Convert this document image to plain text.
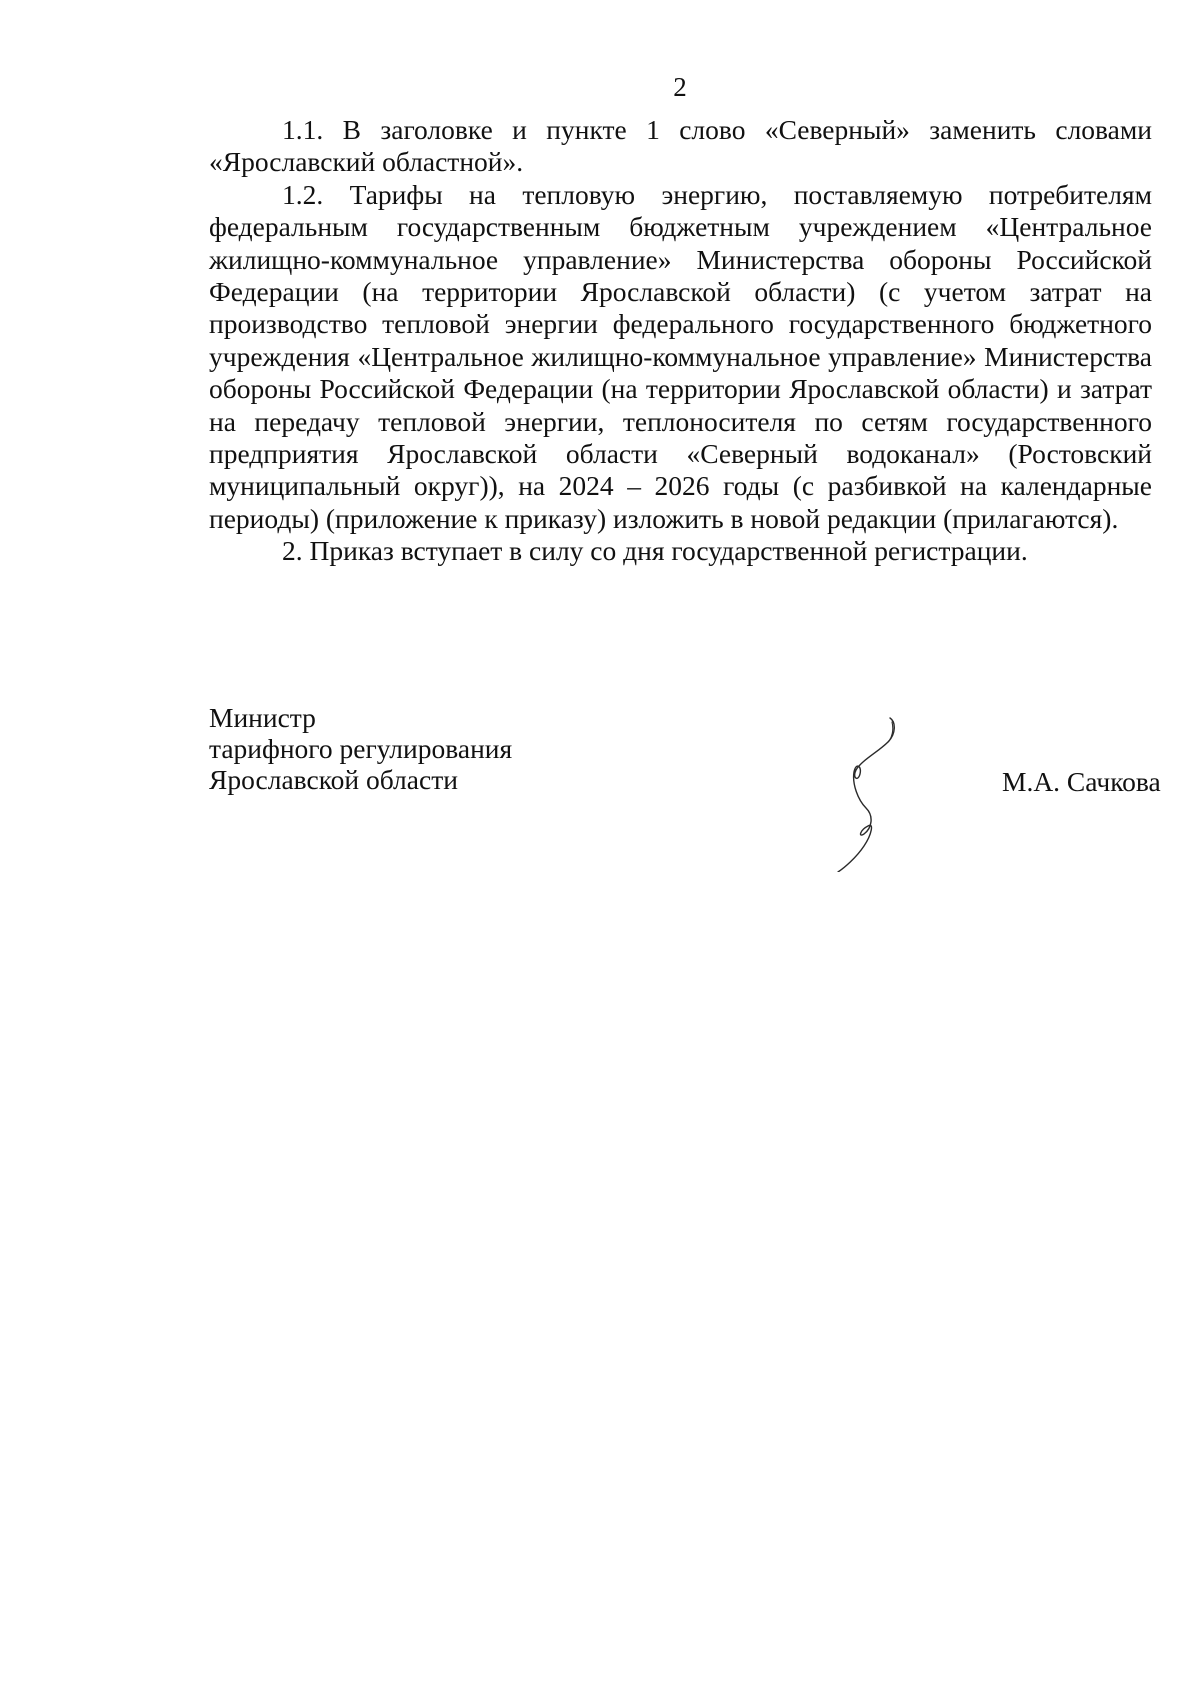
2

1.1. В заголовке и пункте 1 слово «Северный» заменить словами «Ярославский областной».

1.2. Тарифы на тепловую энергию, поставляемую потребителям федеральным государственным бюджетным учреждением «Центральное жилищно-коммунальное управление» Министерства обороны Российской Федерации (на территории Ярославской области) (с учетом затрат на производство тепловой энергии федерального государственного бюджетного учреждения «Центральное жилищно-коммунальное управление» Министерства обороны Российской Федерации (на территории Ярославской области) и затрат на передачу тепловой энергии, теплоносителя по сетям государственного предприятия Ярославской области «Северный водоканал» (Ростовский муниципальный округ)), на 2024 – 2026 годы (с разбивкой на календарные периоды) (приложение к приказу) изложить в новой редакции (прилагаются).

2. Приказ вступает в силу со дня государственной регистрации.

Министр
тарифного регулирования
Ярославской области	М.А. Сачкова
